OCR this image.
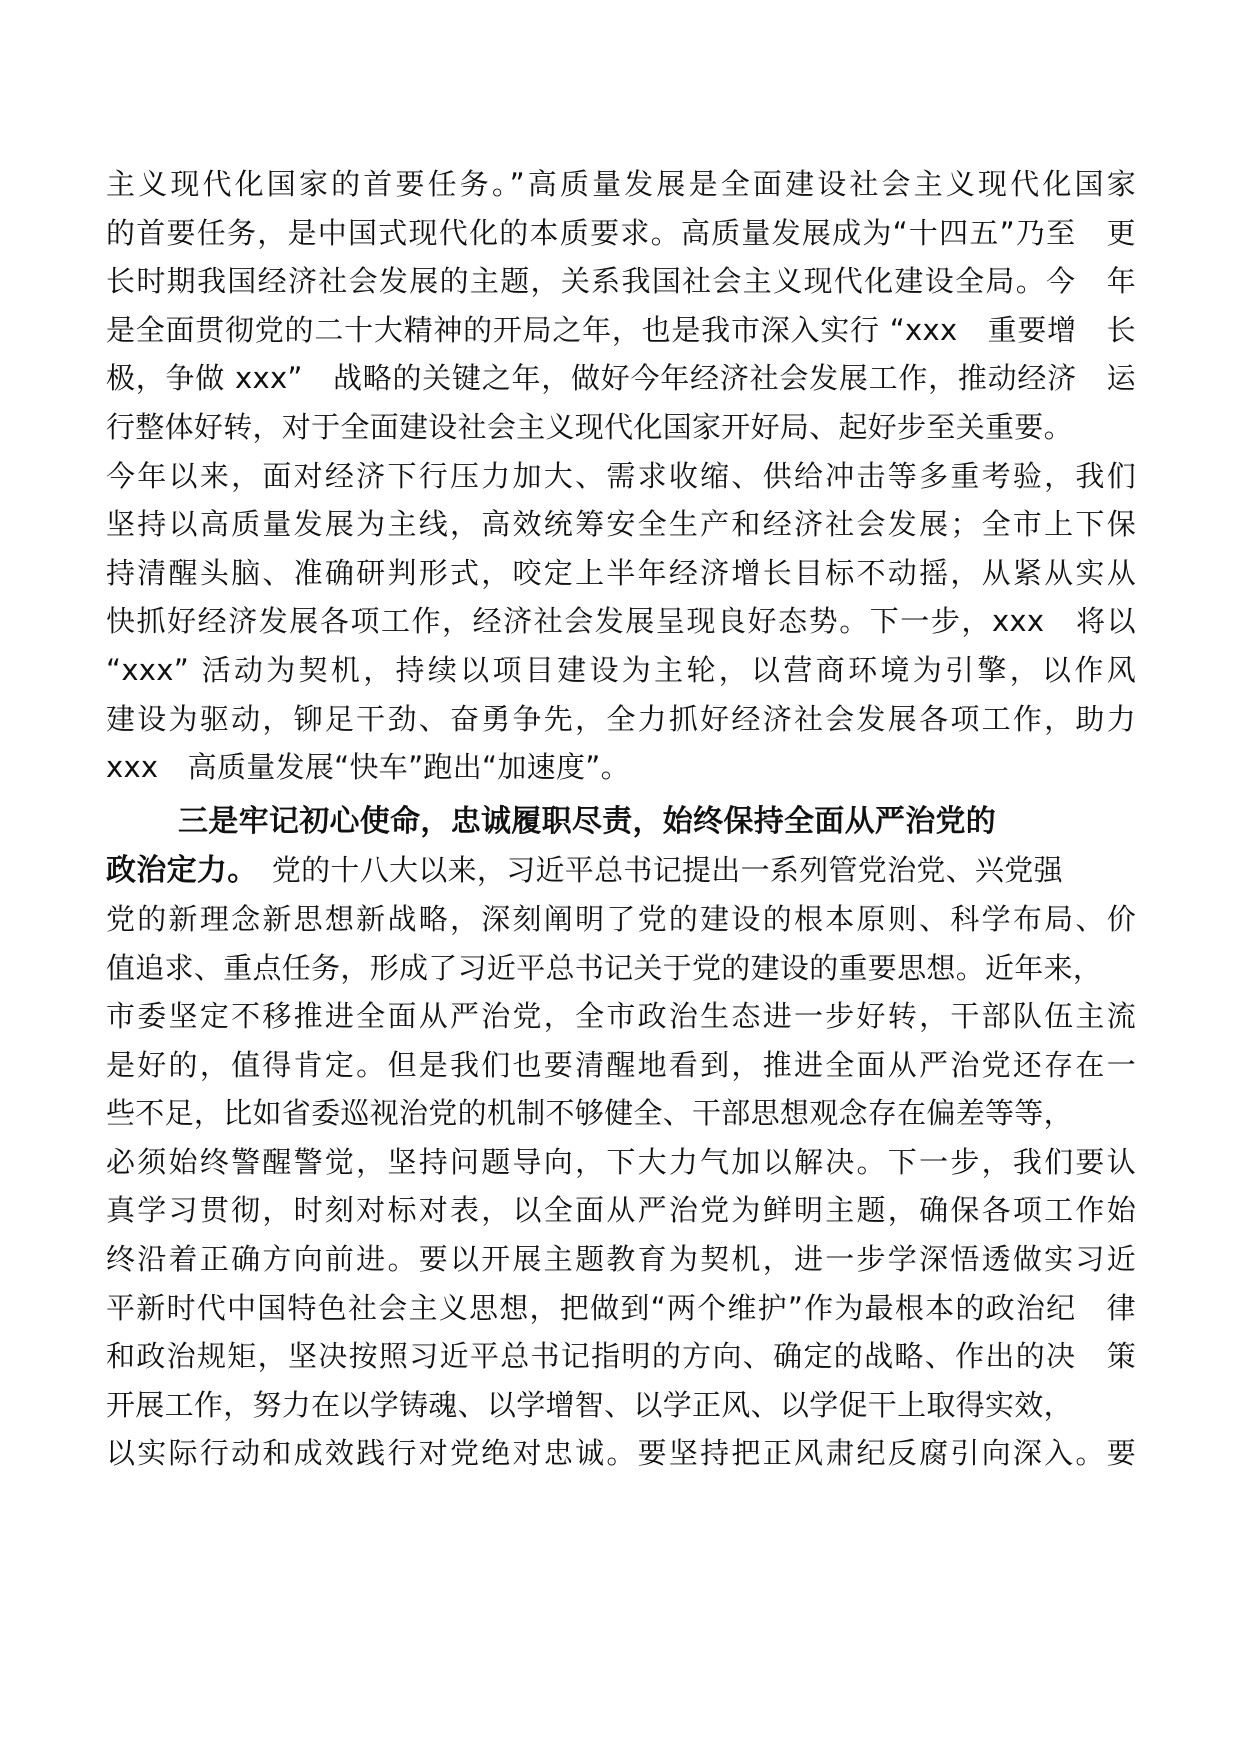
主义现代化国家的首要任务。”高质量发展是全面建设社会主义现代化国家
的首要任务，是中国式现代化的本质要求。高质量发展成为“十四五”乃至　更
长时期我国经济社会发展的主题，关系我国社会主义现代化建设全局。今　年
是全面贯彻党的二十大精神的开局之年，也是我市深入实行 “xxx　重要增　长
极，争做 xxx”　战略的关键之年，做好今年经济社会发展工作，推动经济　运
行整体好转，对于全面建设社会主义现代化国家开好局、起好步至关重要。
今年以来，面对经济下行压力加大、需求收缩、供给冲击等多重考验，我们
坚持以高质量发展为主线，高效统筹安全生产和经济社会发展；全市上下保
持清醒头脑、准确研判形式，咬定上半年经济增长目标不动摇，从紧从实从
快抓好经济发展各项工作，经济社会发展呈现良好态势。下一步，xxx　将以
“xxx” 活动为契机，持续以项目建设为主轮，以营商环境为引擎，以作风
建设为驱动，铆足干劲、奋勇争先，全力抓好经济社会发展各项工作，助力
xxx　高质量发展“快车”跑出“加速度”。
三是牢记初心使命，忠诚履职尽责，始终保持全面从严治党的
政治定力。　党的十八大以来，习近平总书记提出一系列管党治党、兴党强
党的新理念新思想新战略，深刻阐明了党的建设的根本原则、科学布局、价
值追求、重点任务，形成了习近平总书记关于党的建设的重要思想。近年来，
市委坚定不移推进全面从严治党，全市政治生态进一步好转，干部队伍主流
是好的，值得肯定。但是我们也要清醒地看到，推进全面从严治党还存在一
些不足，比如省委巡视治党的机制不够健全、干部思想观念存在偏差等等，
必须始终警醒警觉，坚持问题导向，下大力气加以解决。下一步，我们要认
真学习贯彻，时刻对标对表，以全面从严治党为鲜明主题，确保各项工作始
终沿着正确方向前进。要以开展主题教育为契机，进一步学深悟透做实习近
平新时代中国特色社会主义思想，把做到“两个维护”作为最根本的政治纪　律
和政治规矩，坚决按照习近平总书记指明的方向、确定的战略、作出的决　策
开展工作，努力在以学铸魂、以学增智、以学正风、以学促干上取得实效，
以实际行动和成效践行对党绝对忠诚。要坚持把正风肃纪反腐引向深入。要
